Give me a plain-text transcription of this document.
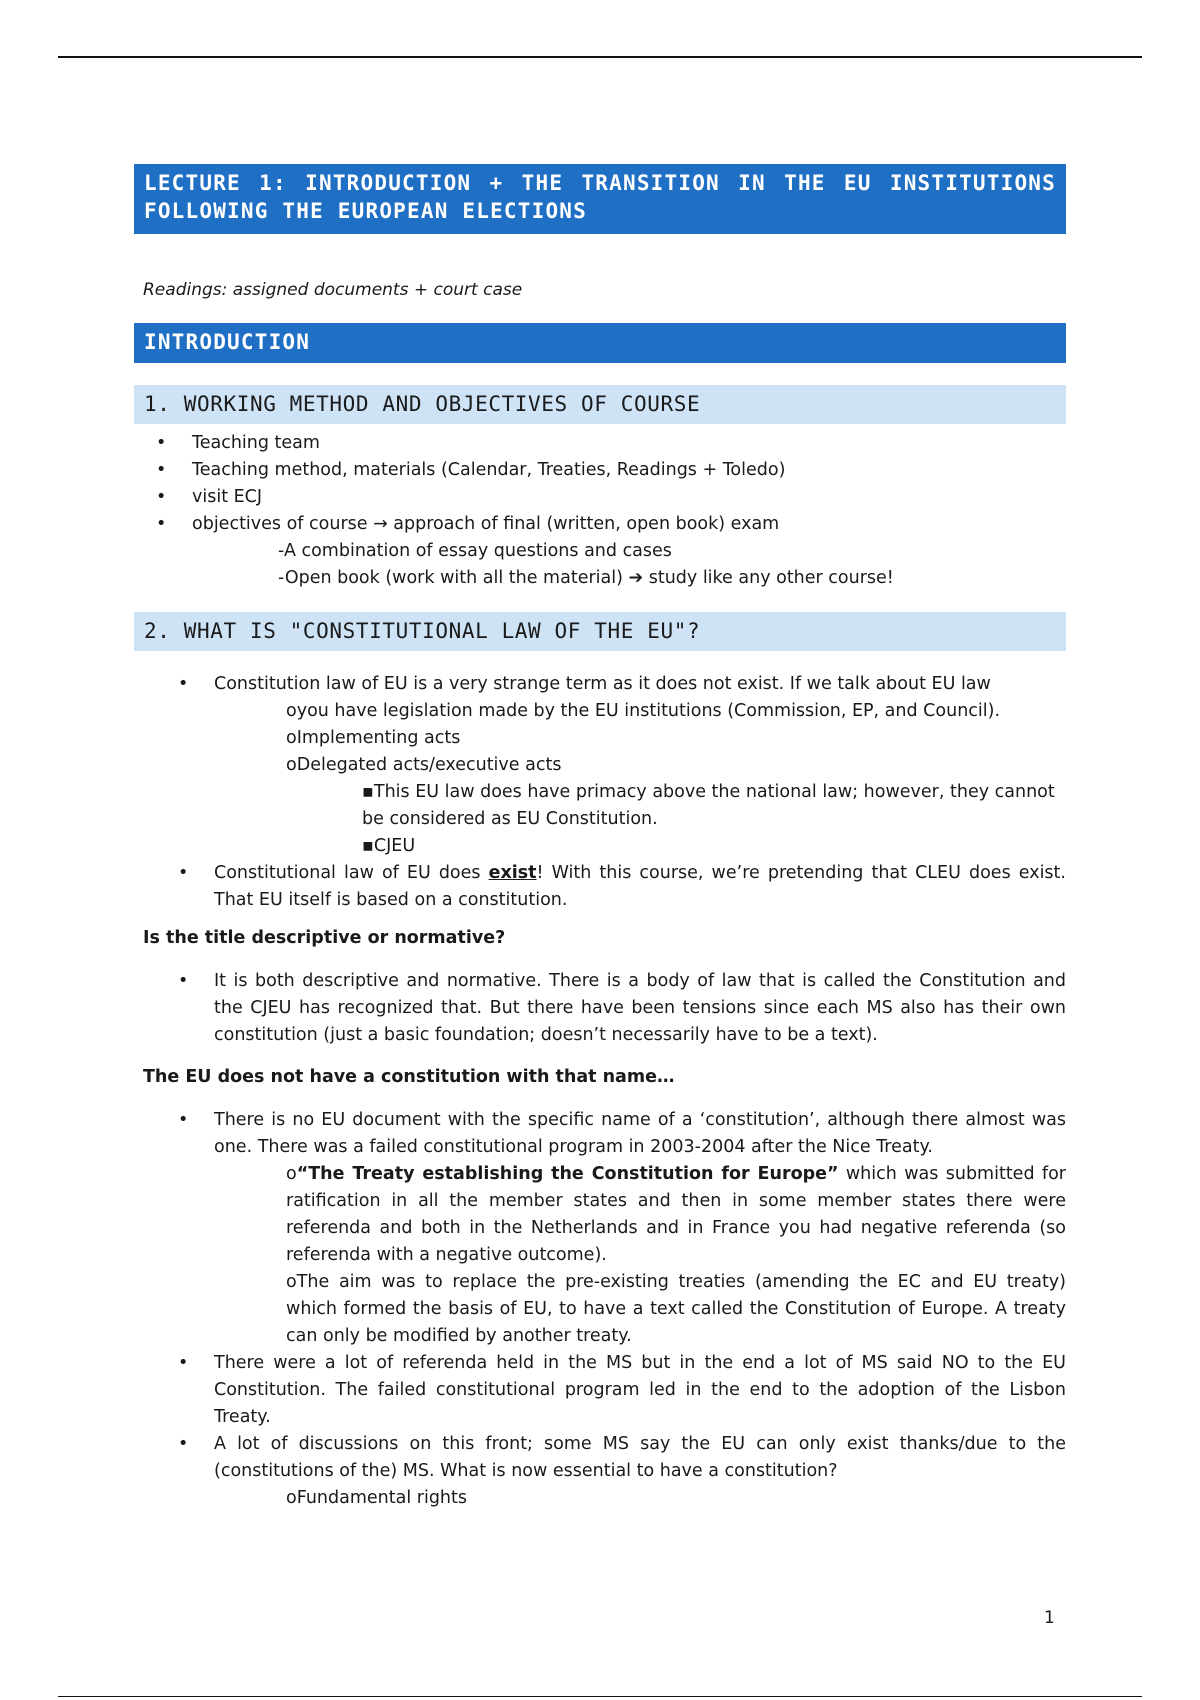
LECTURE 1: INTRODUCTION + THE TRANSITION IN THE EU INSTITUTIONS FOLLOWING THE EUROPEAN ELECTIONS
Readings: assigned documents + court case
INTRODUCTION
1. WORKING METHOD AND OBJECTIVES OF COURSE
• Teaching team
• Teaching method, materials (Calendar, Treaties, Readings + Toledo)
• visit ECJ
• objectives of course → approach of final (written, open book) exam
-A combination of essay questions and cases
-Open book (work with all the material) ➔ study like any other course!
2. WHAT IS "CONSTITUTIONAL LAW OF THE EU"?
• Constitution law of EU is a very strange term as it does not exist. If we talk about EU law
oyou have legislation made by the EU institutions (Commission, EP, and Council).
oImplementing acts
oDelegated acts/executive acts
▪This EU law does have primacy above the national law; however, they cannot be considered as EU Constitution.
▪CJEU
• Constitutional law of EU does exist! With this course, we’re pretending that CLEU does exist. That EU itself is based on a constitution.
Is the title descriptive or normative?
• It is both descriptive and normative. There is a body of law that is called the Constitution and the CJEU has recognized that. But there have been tensions since each MS also has their own constitution (just a basic foundation; doesn’t necessarily have to be a text).
The EU does not have a constitution with that name…
• There is no EU document with the specific name of a ‘constitution’, although there almost was one. There was a failed constitutional program in 2003-2004 after the Nice Treaty.
o“The Treaty establishing the Constitution for Europe” which was submitted for ratification in all the member states and then in some member states there were referenda and both in the Netherlands and in France you had negative referenda (so referenda with a negative outcome).
oThe aim was to replace the pre-existing treaties (amending the EC and EU treaty) which formed the basis of EU, to have a text called the Constitution of Europe. A treaty can only be modified by another treaty.
• There were a lot of referenda held in the MS but in the end a lot of MS said NO to the EU Constitution. The failed constitutional program led in the end to the adoption of the Lisbon Treaty.
• A lot of discussions on this front; some MS say the EU can only exist thanks/due to the (constitutions of the) MS. What is now essential to have a constitution?
oFundamental rights
1
